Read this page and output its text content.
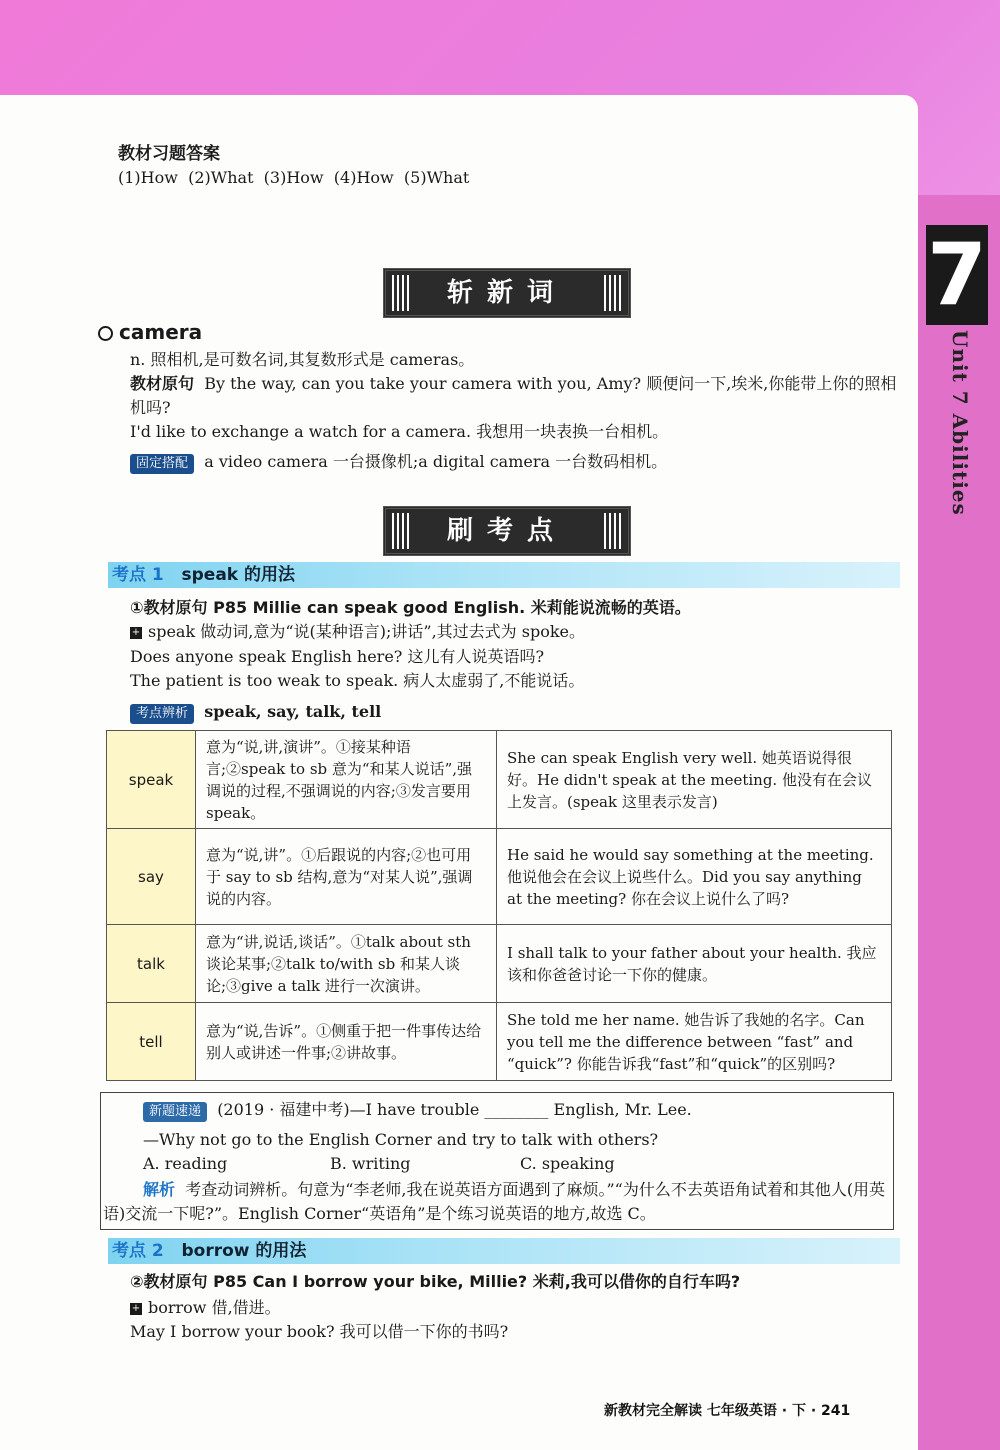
7
Unit 7 Abilities
教材习题答案
(1)How  (2)What  (3)How  (4)How  (5)What
斩新词
camera
n. 照相机,是可数名词,其复数形式是 cameras。
教材原句 By the way, can you take your camera with you, Amy? 顺便问一下,埃米,你能带上你的照相机吗?
I'd like to exchange a watch for a camera. 我想用一块表换一台相机。
固定搭配 a video camera 一台摄像机;a digital camera 一台数码相机。
刷考点
考点 1 speak 的用法
①教材原句 P85 Millie can speak good English. 米莉能说流畅的英语。
+ speak 做动词,意为“说(某种语言);讲话”,其过去式为 spoke。
Does anyone speak English here? 这儿有人说英语吗?
The patient is too weak to speak. 病人太虚弱了,不能说话。
考点辨析 speak, say, talk, tell
speak	意为“说,讲,演讲”。①接某种语言;②speak to sb 意为“和某人说话”,强调说的过程,不强调说的内容;③发言要用 speak。	She can speak English very well. 她英语说得很好。He didn't speak at the meeting. 他没有在会议上发言。(speak 这里表示发言)
say	意为“说,讲”。①后跟说的内容;②也可用于 say to sb 结构,意为“对某人说”,强调说的内容。	He said he would say something at the meeting. 他说他会在会议上说些什么。Did you say anything at the meeting? 你在会议上说什么了吗?
talk	意为“讲,说话,谈话”。①talk about sth 谈论某事;②talk to/with sb 和某人谈论;③give a talk 进行一次演讲。	I shall talk to your father about your health. 我应该和你爸爸讨论一下你的健康。
tell	意为“说,告诉”。①侧重于把一件事传达给别人或讲述一件事;②讲故事。	She told me her name. 她告诉了我她的名字。Can you tell me the difference between “fast” and “quick”? 你能告诉我“fast”和“quick”的区别吗?
新题速递 (2019 · 福建中考)—I have trouble ________ English, Mr. Lee.
—Why not go to the English Corner and try to talk with others?
A. reading	B. writing	C. speaking
解析 考查动词辨析。句意为“李老师,我在说英语方面遇到了麻烦。”“为什么不去英语角试着和其他人(用英语)交流一下呢?”。English Corner“英语角”是个练习说英语的地方,故选 C。
考点 2 borrow 的用法
②教材原句 P85 Can I borrow your bike, Millie? 米莉,我可以借你的自行车吗?
+ borrow 借,借进。
May I borrow your book? 我可以借一下你的书吗?
新教材完全解读 七年级英语 · 下 · 241
